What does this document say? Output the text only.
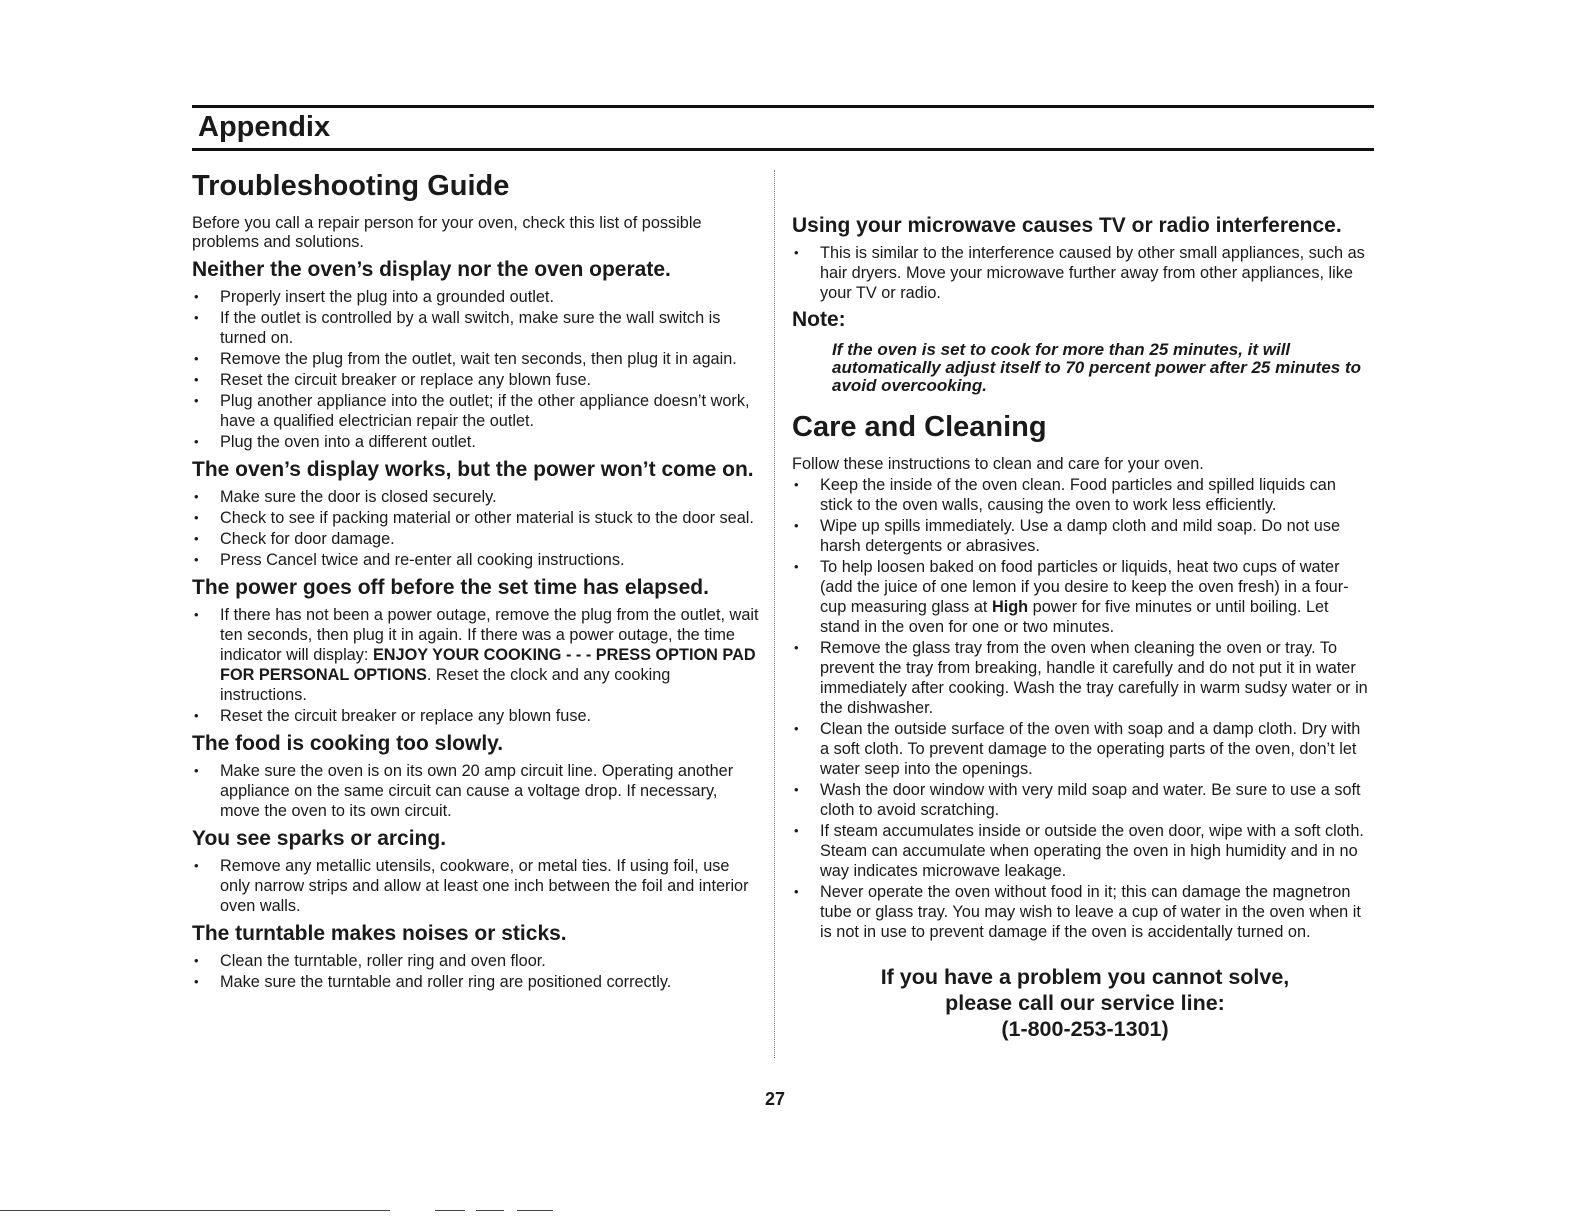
Appendix
Troubleshooting Guide

Before you call a repair person for your oven, check this list of possible problems and solutions.

Neither the oven’s display nor the oven operate.
• Properly insert the plug into a grounded outlet.
• If the outlet is controlled by a wall switch, make sure the wall switch is turned on.
• Remove the plug from the outlet, wait ten seconds, then plug it in again.
• Reset the circuit breaker or replace any blown fuse.
• Plug another appliance into the outlet; if the other appliance doesn’t work, have a qualified electrician repair the outlet.
• Plug the oven into a different outlet.
The oven’s display works, but the power won’t come on.
• Make sure the door is closed securely.
• Check to see if packing material or other material is stuck to the door seal.
• Check for door damage.
• Press Cancel twice and re-enter all cooking instructions.
The power goes off before the set time has elapsed.
• If there has not been a power outage, remove the plug from the outlet, wait ten seconds, then plug it in again. If there was a power outage, the time indicator will display: ENJOY YOUR COOKING - - - PRESS OPTION PAD FOR PERSONAL OPTIONS. Reset the clock and any cooking instructions.
• Reset the circuit breaker or replace any blown fuse.
The food is cooking too slowly.
• Make sure the oven is on its own 20 amp circuit line. Operating another appliance on the same circuit can cause a voltage drop. If necessary, move the oven to its own circuit.
You see sparks or arcing.
• Remove any metallic utensils, cookware, or metal ties. If using foil, use only narrow strips and allow at least one inch between the foil and interior oven walls.
The turntable makes noises or sticks.
• Clean the turntable, roller ring and oven floor.
• Make sure the turntable and roller ring are positioned correctly.
Using your microwave causes TV or radio interference.
• This is similar to the interference caused by other small appliances, such as hair dryers. Move your microwave further away from other appliances, like your TV or radio.
Note:

If the oven is set to cook for more than 25 minutes, it will automatically adjust itself to 70 percent power after 25 minutes to avoid overcooking.

Care and Cleaning

Follow these instructions to clean and care for your oven.

• Keep the inside of the oven clean. Food particles and spilled liquids can stick to the oven walls, causing the oven to work less efficiently.
• Wipe up spills immediately. Use a damp cloth and mild soap. Do not use harsh detergents or abrasives.
• To help loosen baked on food particles or liquids, heat two cups of water (add the juice of one lemon if you desire to keep the oven fresh) in a four-cup measuring glass at High power for five minutes or until boiling. Let stand in the oven for one or two minutes.
• Remove the glass tray from the oven when cleaning the oven or tray. To prevent the tray from breaking, handle it carefully and do not put it in water immediately after cooking. Wash the tray carefully in warm sudsy water or in the dishwasher.
• Clean the outside surface of the oven with soap and a damp cloth. Dry with a soft cloth. To prevent damage to the operating parts of the oven, don’t let water seep into the openings.
• Wash the door window with very mild soap and water. Be sure to use a soft cloth to avoid scratching.
• If steam accumulates inside or outside the oven door, wipe with a soft cloth. Steam can accumulate when operating the oven in high humidity and in no way indicates microwave leakage.
• Never operate the oven without food in it; this can damage the magnetron tube or glass tray. You may wish to leave a cup of water in the oven when it is not in use to prevent damage if the oven is accidentally turned on.
If you have a problem you cannot solve,
please call our service line:
(1-800-253-1301)
27
